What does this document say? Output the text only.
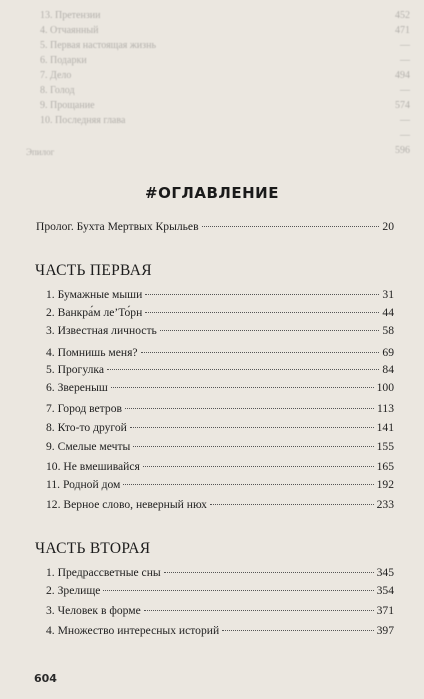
13. Претензии	452
4. Отчаянный	471
5. Первая настоящая жизнь	—
6. Подарки	—
7. Дело	494
8. Голод	—
9. Прощание	574
10. Последняя глава	—
—
Эпилог	596
#ОГЛАВЛЕНИЕ
Пролог. Бухта Мертвых Крыльев	20
ЧАСТЬ ПЕРВАЯ
1. Бумажные мыши	31
2. Ванкра́м ле’То́рн	44
3. Известная личность	58
4. Помнишь меня?	69
5. Прогулка	84
6. Звереныш	100
7. Город ветров	113
8. Кто-то другой	141
9. Смелые мечты	155
10. Не вмешивайся	165
11. Родной дом	192
12. Верное слово, неверный нюх	233
ЧАСТЬ ВТОРАЯ
1. Предрассветные сны	345
2. Зрелище	354
3. Человек в форме	371
4. Множество интересных историй	397
604
